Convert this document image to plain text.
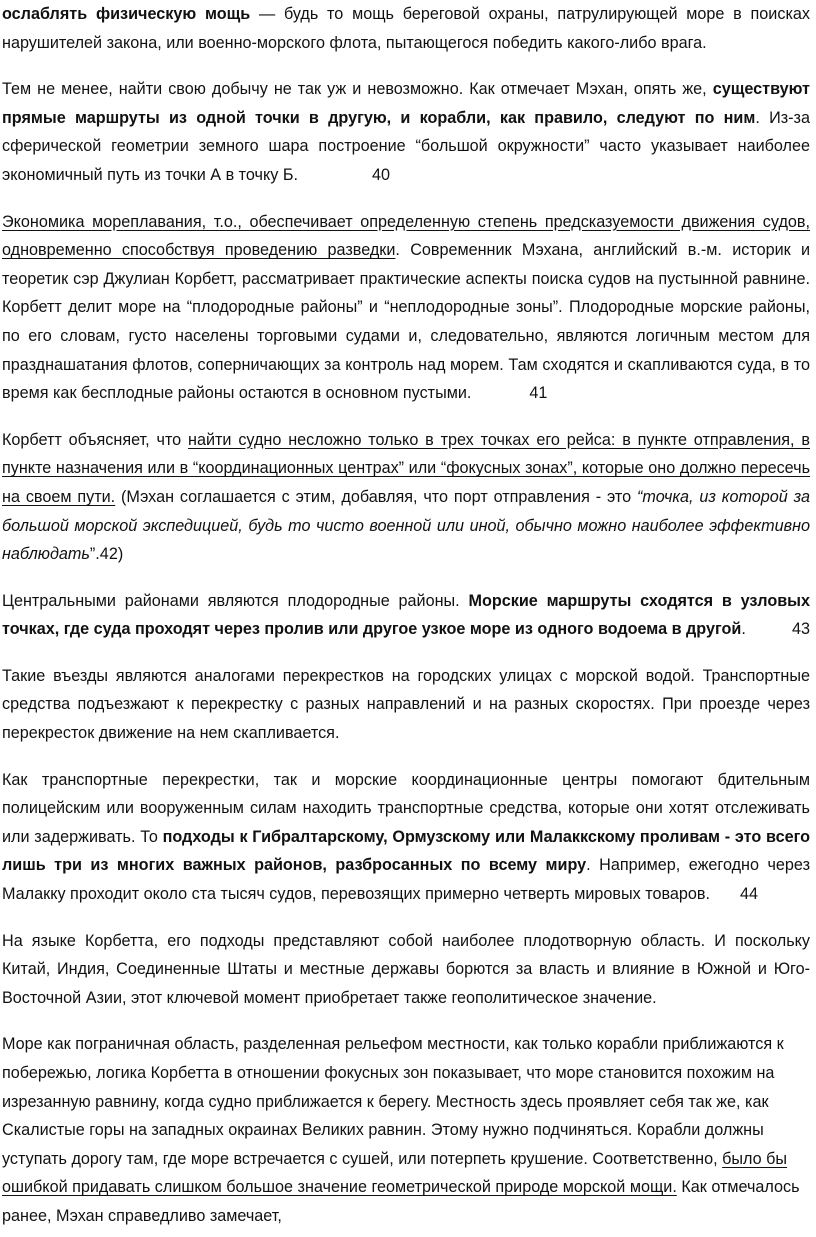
ослаблять физическую мощь — будь то мощь береговой охраны, патрулирующей море в поисках нарушителей закона, или военно-морского флота, пытающегося победить какого-либо врага.

Тем не менее, найти свою добычу не так уж и невозможно. Как отмечает Мэхан, опять же, существуют прямые маршруты из одной точки в другую, и корабли, как правило, следуют по ним. Из-за сферической геометрии земного шара построение “большой окружности” часто указывает наиболее экономичный путь из точки А в точку Б.	40

Экономика мореплавания, т.о., обеспечивает определенную степень предсказуемости движения судов, одновременно способствуя проведению разведки. Современник Мэхана, английский в.-м. историк и теоретик сэр Джулиан Корбетт, рассматривает практические аспекты поиска судов на пустынной равнине. Корбетт делит море на “плодородные районы” и “неплодородные зоны”. Плодородные морские районы, по его словам, густо населены торговыми судами и, следовательно, являются логичным местом для празднашатания флотов, соперничающих за контроль над морем. Там сходятся и скапливаются суда, в то время как бесплодные районы остаются в основном пустыми.	41

Корбетт объясняет, что найти судно несложно только в трех точках его рейса: в пункте отправления, в пункте назначения или в “координационных центрах” или “фокусных зонах”, которые оно должно пересечь на своем пути. (Мэхан соглашается с этим, добавляя, что порт отправления - это “точка, из которой за большой морской экспедицией, будь то чисто военной или иной, обычно можно наиболее эффективно наблюдать”.42)

Центральными районами являются плодородные районы. Морские маршруты сходятся в узловых точках, где суда проходят через пролив или другое узкое море из одного водоема в другой.	43

Такие въезды являются аналогами перекрестков на городских улицах с морской водой. Транспортные средства подъезжают к перекрестку с разных направлений и на разных скоростях. При проезде через перекресток движение на нем скапливается.

Как транспортные перекрестки, так и морские координационные центры помогают бдительным полицейским или вооруженным силам находить транспортные средства, которые они хотят отслеживать или задерживать. То подходы к Гибралтарскому, Ормузскому или Малаккскому проливам - это всего лишь три из многих важных районов, разбросанных по всему миру. Например, ежегодно через Малакку проходит около ста тысяч судов, перевозящих примерно четверть мировых товаров. 44

На языке Корбетта, его подходы представляют собой наиболее плодотворную область. И поскольку Китай, Индия, Соединенные Штаты и местные державы борются за власть и влияние в Южной и Юго-Восточной Азии, этот ключевой момент приобретает также геополитическое значение.

Море как пограничная область, разделенная рельефом местности, как только корабли приближаются к побережью, логика Корбетта в отношении фокусных зон показывает, что море становится похожим на изрезанную равнину, когда судно приближается к берегу. Местность здесь проявляет себя так же, как Скалистые горы на западных окраинах Великих равнин. Этому нужно подчиняться. Корабли должны уступать дорогу там, где море встречается с сушей, или потерпеть крушение. Соответственно, было бы ошибкой придавать слишком большое значение геометрической природе морской мощи. Как отмечалось ранее, Мэхан справедливо замечает,
